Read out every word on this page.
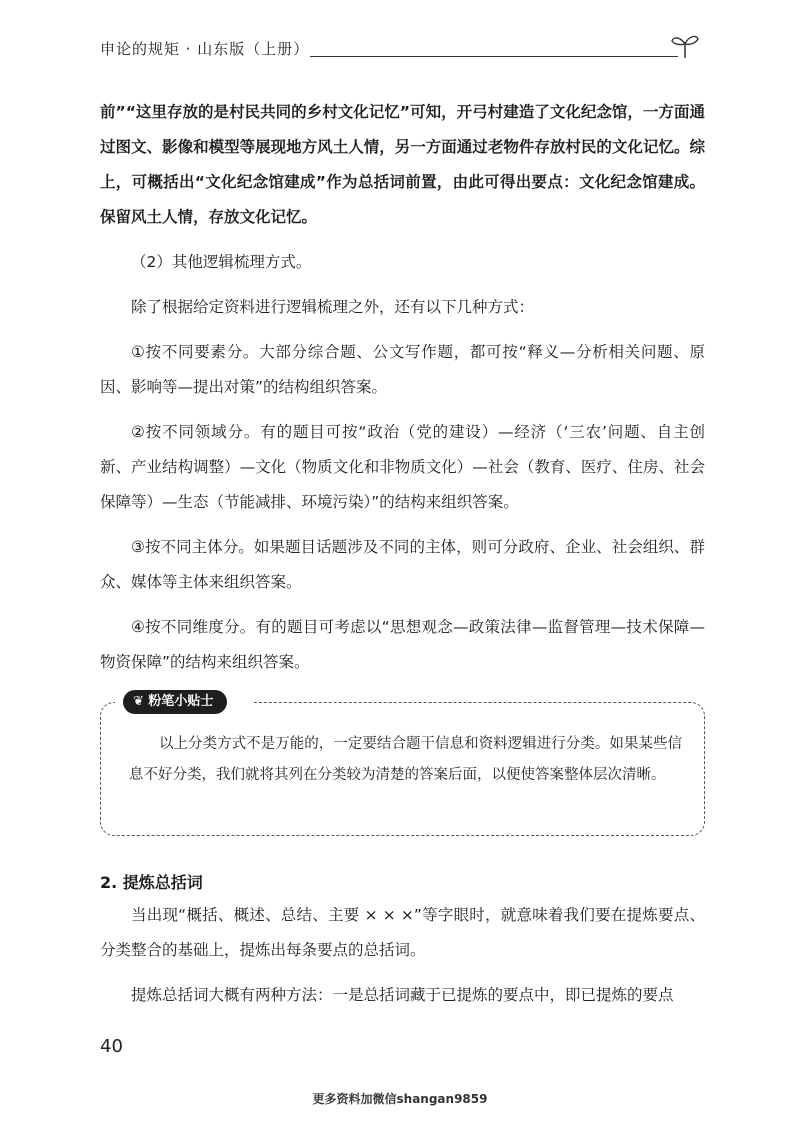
申论的规矩 · 山东版（上册）

前”“这里存放的是村民共同的乡村文化记忆”可知，开弓村建造了文化纪念馆，一方面通过图文、影像和模型等展现地方风土人情，另一方面通过老物件存放村民的文化记忆。综上，可概括出“文化纪念馆建成”作为总括词前置，由此可得出要点：文化纪念馆建成。保留风土人情，存放文化记忆。

（2）其他逻辑梳理方式。

除了根据给定资料进行逻辑梳理之外，还有以下几种方式：

①按不同要素分。大部分综合题、公文写作题，都可按“释义—分析相关问题、原因、影响等—提出对策”的结构组织答案。

②按不同领域分。有的题目可按“政治（党的建设）—经济（‘三农’问题、自主创新、产业结构调整）—文化（物质文化和非物质文化）—社会（教育、医疗、住房、社会保障等）—生态（节能减排、环境污染）”的结构来组织答案。

③按不同主体分。如果题目话题涉及不同的主体，则可分政府、企业、社会组织、群众、媒体等主体来组织答案。

④按不同维度分。有的题目可考虑以“思想观念—政策法律—监督管理—技术保障—物资保障”的结构来组织答案。

❦ 粉笔小贴士

以上分类方式不是万能的，一定要结合题干信息和资料逻辑进行分类。如果某些信息不好分类，我们就将其列在分类较为清楚的答案后面，以便使答案整体层次清晰。

2. 提炼总括词

当出现“概括、概述、总结、主要 × × ×”等字眼时，就意味着我们要在提炼要点、分类整合的基础上，提炼出每条要点的总括词。

提炼总括词大概有两种方法：一是总括词藏于已提炼的要点中，即已提炼的要点

40
更多资料加微信shangan9859
